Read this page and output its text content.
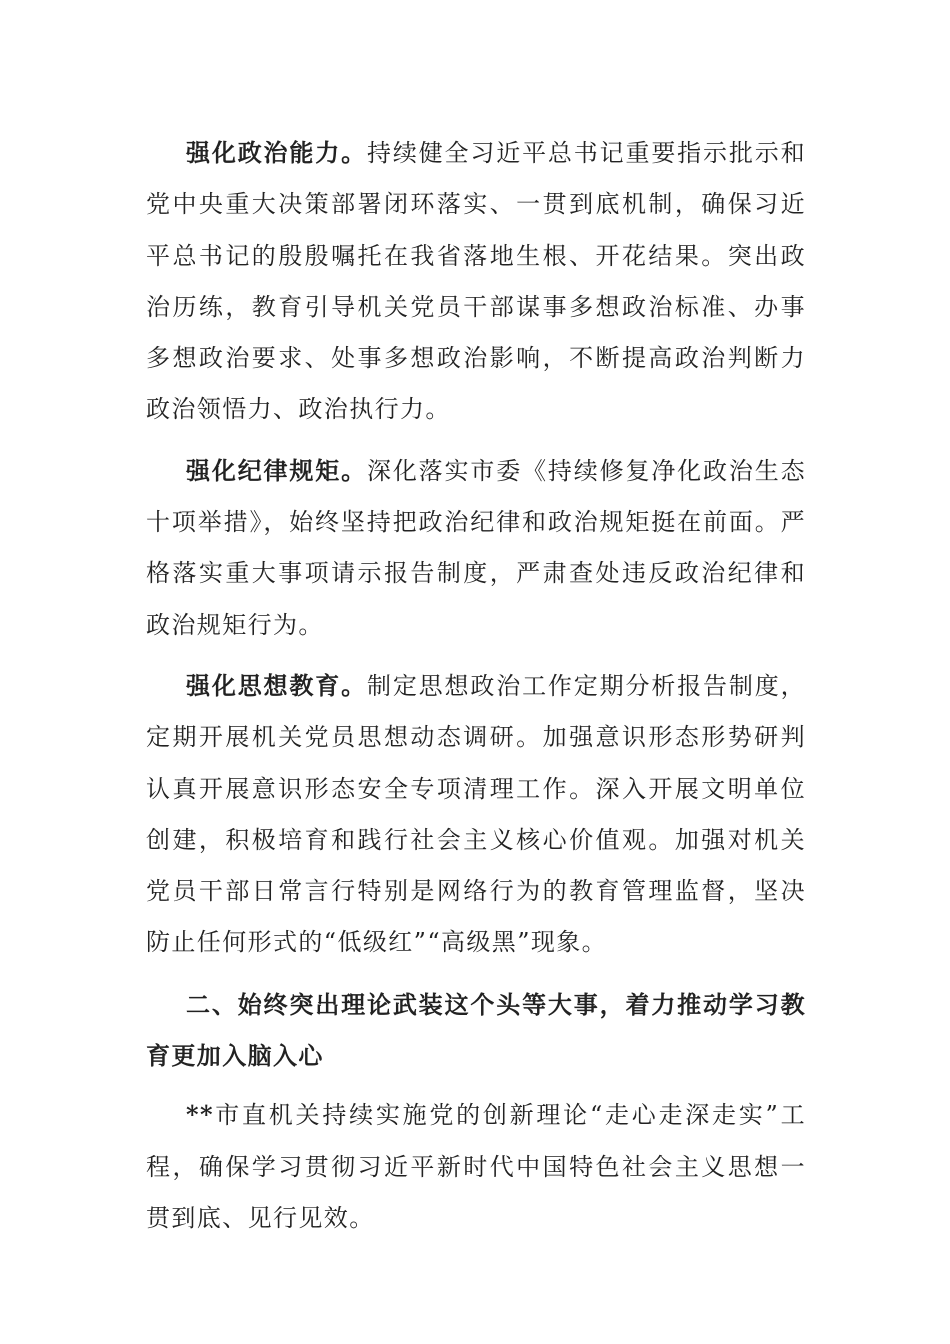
强化政治能力。持续健全习近平总书记重要指示批示和党中央重大决策部署闭环落实、一贯到底机制，确保习近平总书记的殷殷嘱托在我省落地生根、开花结果。突出政治历练，教育引导机关党员干部谋事多想政治标准、办事多想政治要求、处事多想政治影响，不断提高政治判断力政治领悟力、政治执行力。

强化纪律规矩。深化落实市委《持续修复净化政治生态十项举措》，始终坚持把政治纪律和政治规矩挺在前面。严格落实重大事项请示报告制度，严肃查处违反政治纪律和政治规矩行为。

强化思想教育。制定思想政治工作定期分析报告制度，定期开展机关党员思想动态调研。加强意识形态形势研判认真开展意识形态安全专项清理工作。深入开展文明单位创建，积极培育和践行社会主义核心价值观。加强对机关党员干部日常言行特别是网络行为的教育管理监督，坚决防止任何形式的“低级红”“高级黑”现象。

二、始终突出理论武装这个头等大事，着力推动学习教育更加入脑入心

**市直机关持续实施党的创新理论“走心走深走实”工程，确保学习贯彻习近平新时代中国特色社会主义思想一贯到底、见行见效。
